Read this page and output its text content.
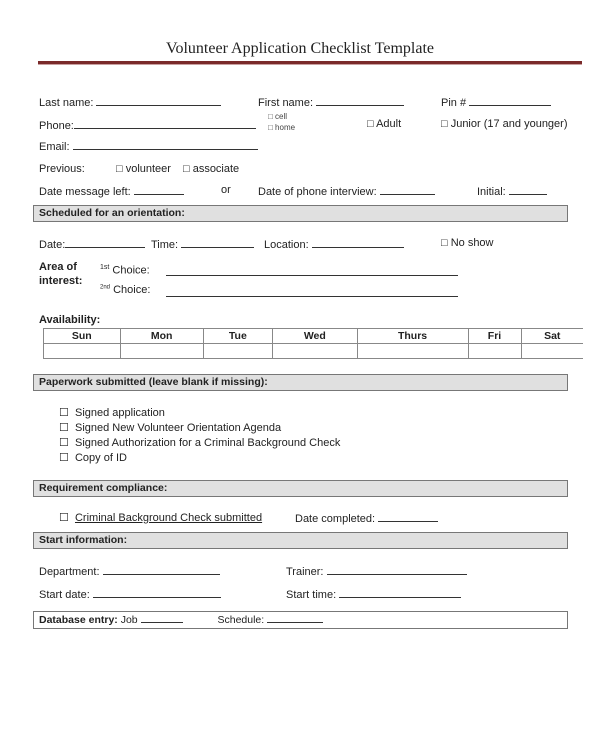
Volunteer Application Checklist Template
Last name:	First name:	Pin #
Phone:
□ cell
□ home	□ Adult	□ Junior (17 and younger)
Email:
Previous:	□ volunteer □ associate
Date message left:	or Date of phone interview:	Initial:
Scheduled for an orientation:
Date:	Time:	Location:	□ No show
Area of interest:
$^{1st}$ Choice:
$^{2nd}$ Choice:
Availability:
Sun	Mon	Tue	Wed	Thurs	Fri	Sat

Paperwork submitted (leave blank if missing):
☐  Signed application
☐  Signed New Volunteer Orientation Agenda
☐  Signed Authorization for a Criminal Background Check
☐  Copy of ID
Requirement compliance:
☐  Criminal Background Check submitted	Date completed:
Start information:
Department:	Trainer:
Start date:	Start time:
Database entry: Job	Schedule:
